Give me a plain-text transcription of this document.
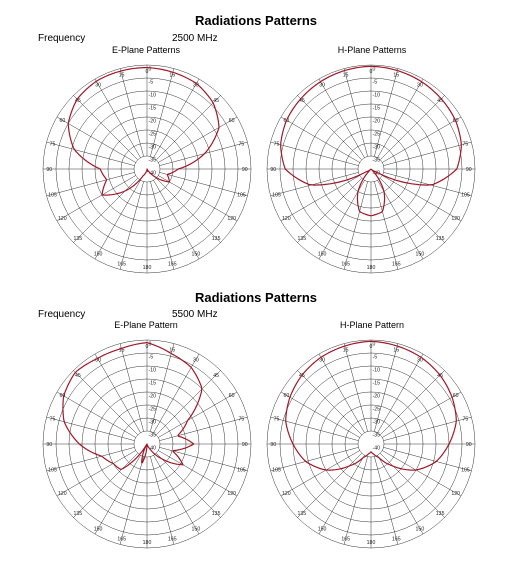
Radiations Patterns
Frequency	2500 MHz
E-Plane Patterns	H-Plane Patterns
Radiations Patterns
Frequency	5500 MHz
E-Plane Pattern	H-Plane Pattern
0
15
30
45
60
75
90
105
120
135
150
165
180
165
150
135
120
105
90
75
60
45
30
15
0
-5
-10
-15
-20
-25
-30
-35
-40
0
15
30
45
60
75
90
105
120
135
150
165
180
165
150
135
120
105
90
75
60
45
30
15
0
-5
-10
-15
-20
-25
-30
-35
-40
0
15
30
45
60
75
90
105
120
135
150
165
180
165
150
135
120
105
90
75
60
45
30
15
0
-5
-10
-15
-20
-25
-30
-35
-40
0
15
30
45
60
75
90
105
120
135
150
165
180
165
150
135
120
105
90
75
60
45
30
15
0
-5
-10
-15
-20
-25
-30
-35
-40
